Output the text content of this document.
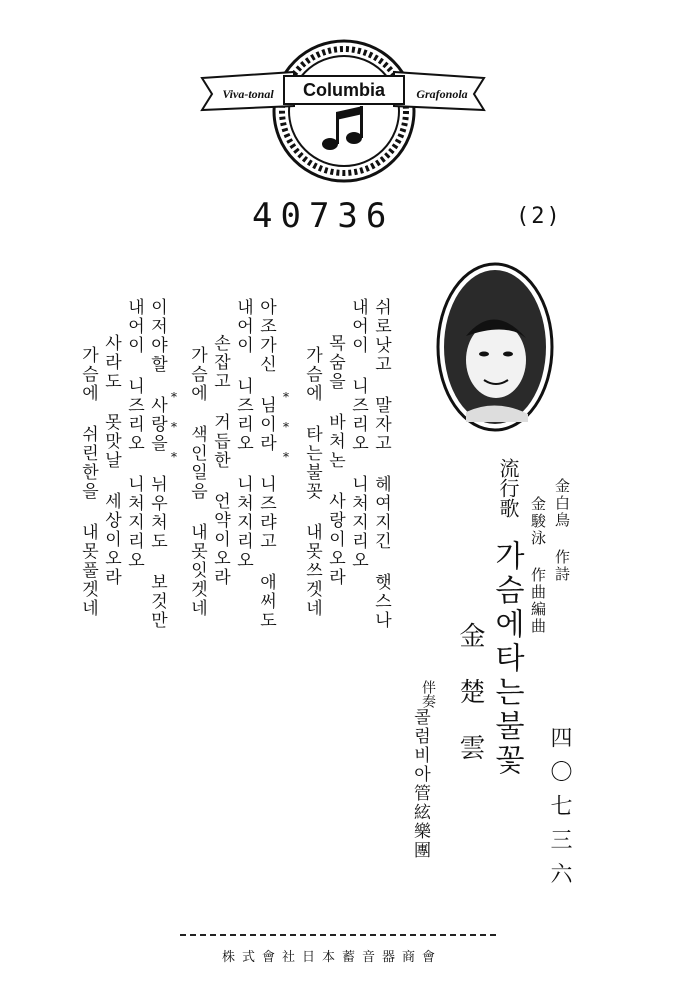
Columbia
Viva-tonal	Grafonola
40736	(2)
쉬로낫고 말자고 헤여지긴 햇스나
내어이 니즈리오 니처지리오
목숨을 바처논 사랑이오라
가슴에 타는불꼿 내못쓰겟네
*　*　*
아조가신 님이라 니즈랴고 애써도
내어이 니즈리오 니처지리오
손잡고 거듭한 언약이오라
가슴에 색인일음 내못잇겟네
*　*　*
이저야할 사랑을 뉘우처도 보것만
내어이 니즈리오 니처지리오
사라도 못맛날 세상이오라
가슴에 쉬린한을 내못풀겟네	流行歌
가슴에타는불꽃
金白鳥 作詩
金駿泳 作曲編曲
金 楚 雲
伴奏
콜럼비아管絃樂團	四〇七三六
株式會社日本蓄音器商會
